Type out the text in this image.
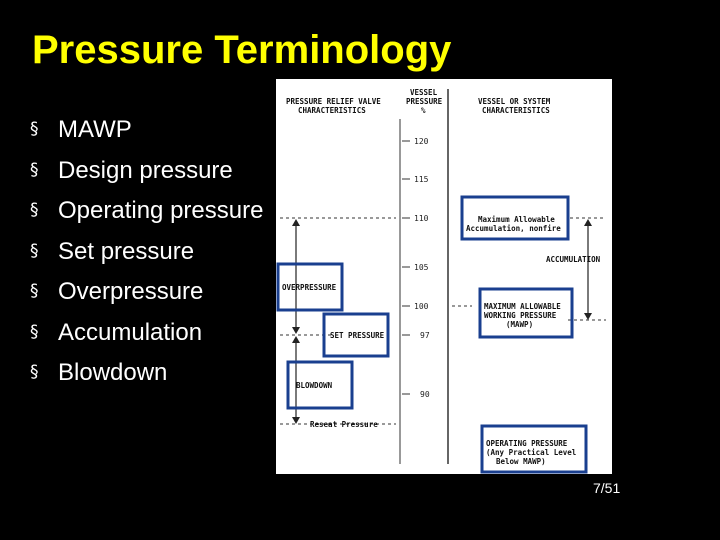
Pressure Terminology
§ MAWP
§ Design pressure
§ Operating pressure
§ Set pressure
§ Overpressure
§ Accumulation
§ Blowdown
PRESSURE RELIEF VALVE
CHARACTERISTICS
VESSEL
PRESSURE
%
VESSEL OR SYSTEM
CHARACTERISTICS
120
115
110
105
100
97
90
OVERPRESSURE
SET PRESSURE
BLOWDOWN
Reseat Pressure
Maximum Allowable
Accumulation, nonfire
ACCUMULATION
MAXIMUM ALLOWABLE
WORKING PRESSURE
(MAWP)
OPERATING PRESSURE
(Any Practical Level
Below MAWP)
7/51
